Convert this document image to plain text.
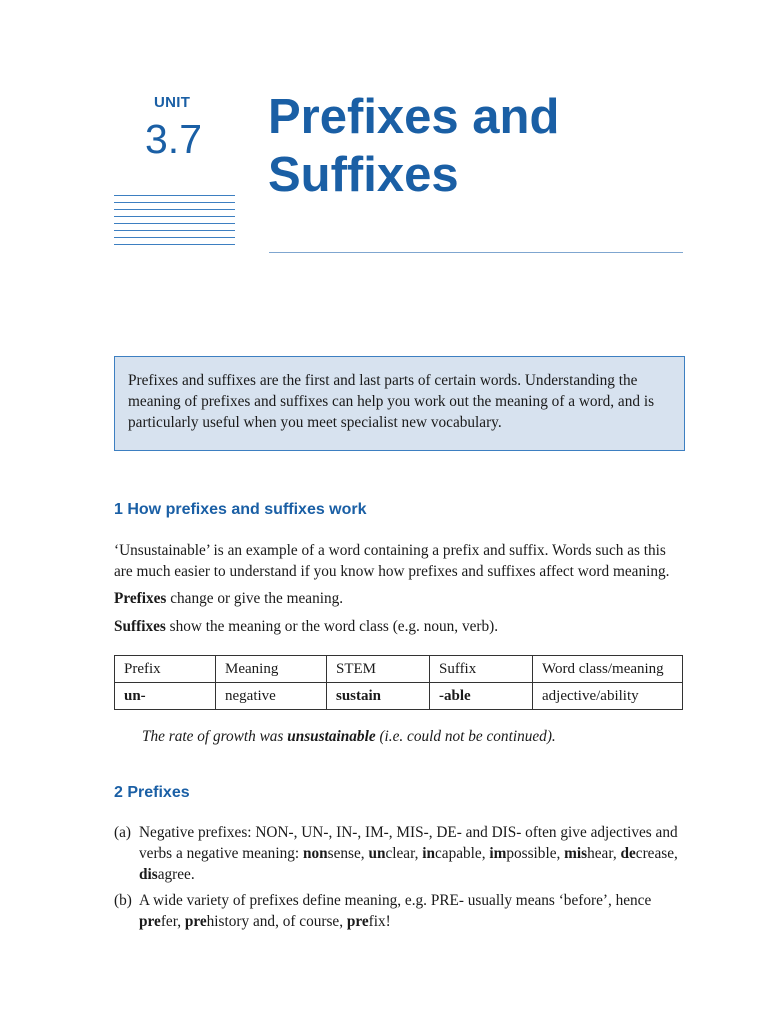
UNIT
3.7 Prefixes and
Suffixes
Prefixes and suffixes are the first and last parts of certain words. Understanding the meaning of prefixes and suffixes can help you work out the meaning of a word, and is particularly useful when you meet specialist new vocabulary.
1 How prefixes and suffixes work

‘Unsustainable’ is an example of a word containing a prefix and suffix. Words such as this are much easier to understand if you know how prefixes and suffixes affect word meaning.

Prefixes change or give the meaning.

Suffixes show the meaning or the word class (e.g. noun, verb).

Prefix	Meaning	STEM	Suffix	Word class/meaning
un-	negative	sustain	-able	adjective/ability

The rate of growth was unsustainable (i.e. could not be continued).

2 Prefixes
(a) Negative prefixes: NON-, UN-, IN-, IM-, MIS-, DE- and DIS- often give adjectives and verbs a negative meaning: nonsense, unclear, incapable, impossible, mishear, decrease, disagree.
(b) A wide variety of prefixes define meaning, e.g. PRE- usually means ‘before’, hence prefer, prehistory and, of course, prefix!
